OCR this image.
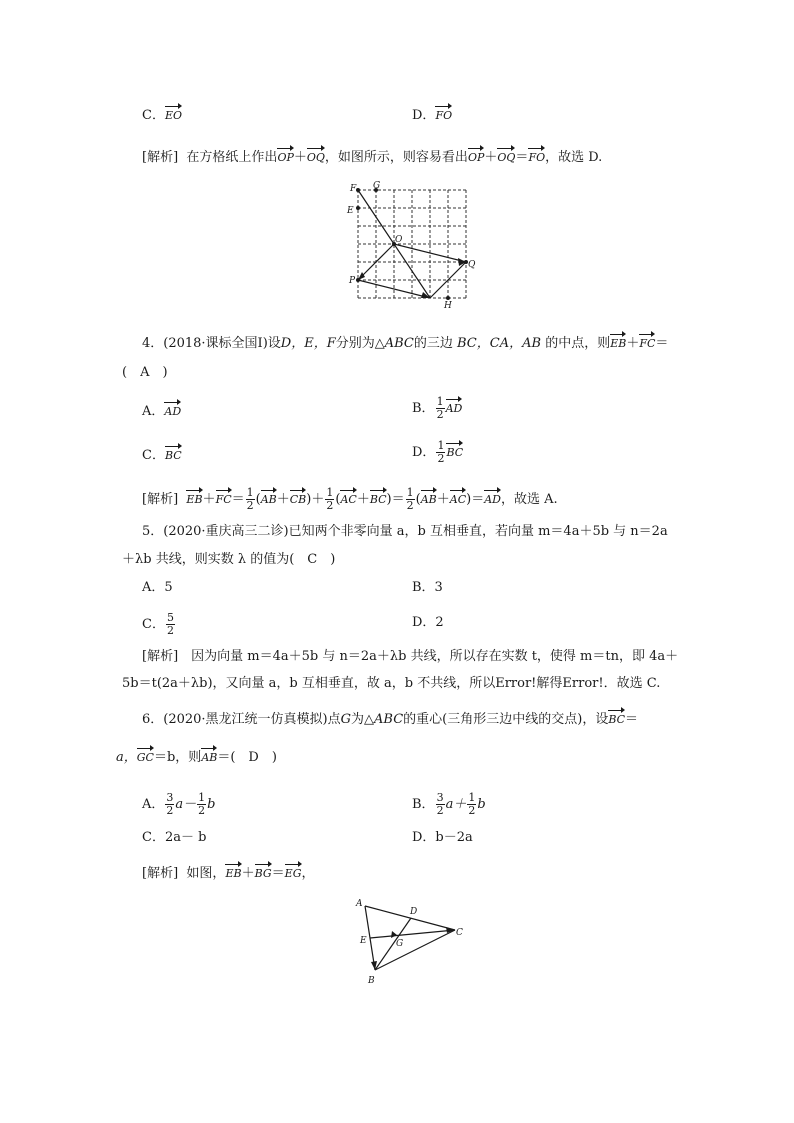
C．EO	D．FO
[解析] 在方格纸上作出OP＋OQ，如图所示，则容易看出OP＋OQ＝FO，故选 D.
F G
E
O
Q
P
H
4．(2018·课标全国Ⅰ)设D，E，F分别为△ABC的三边 BC，CA，AB 的中点，则EB＋FC＝
(　A　)
A．AD	B． $\frac{1}{2}$ AD
C．BC	D． $\frac{1}{2}$ BC
[解析] $EB+FC= \frac{1}{2} (AB+CB)+ \frac{1}{2} (AC+BC)= \frac{1}{2} (AB+AC)=AD$，故选 A.
5．(2020·重庆高三二诊)已知两个非零向量 a，b 互相垂直，若向量 m＝4a＋5b 与 n＝2a
＋λb 共线，则实数 λ 的值为(　C　)
A．5	B．3
C． $\frac{5}{2}$	D．2
[解析]　因为向量 m＝4a＋5b 与 n＝2a＋λb 共线，所以存在实数 t，使得 m＝tn，即 4a＋
5b＝t(2a＋λb)，又向量 a，b 互相垂直，故 a，b 不共线，所以Error!解得Error!．故选 C.
6．(2020·黑龙江统一仿真模拟)点G为△ABC的重心(三角形三边中线的交点)，设BC＝
a，GC＝b，则AB＝(　D　)
A． $\frac{3}{2} a- \frac{1}{2}$ b	B． $\frac{3}{2} a+ \frac{1}{2}$ b
C．2a－ b	D．b－2a
[解析] 如图，EB＋BG＝EG，
A
D
E	G
C
B
